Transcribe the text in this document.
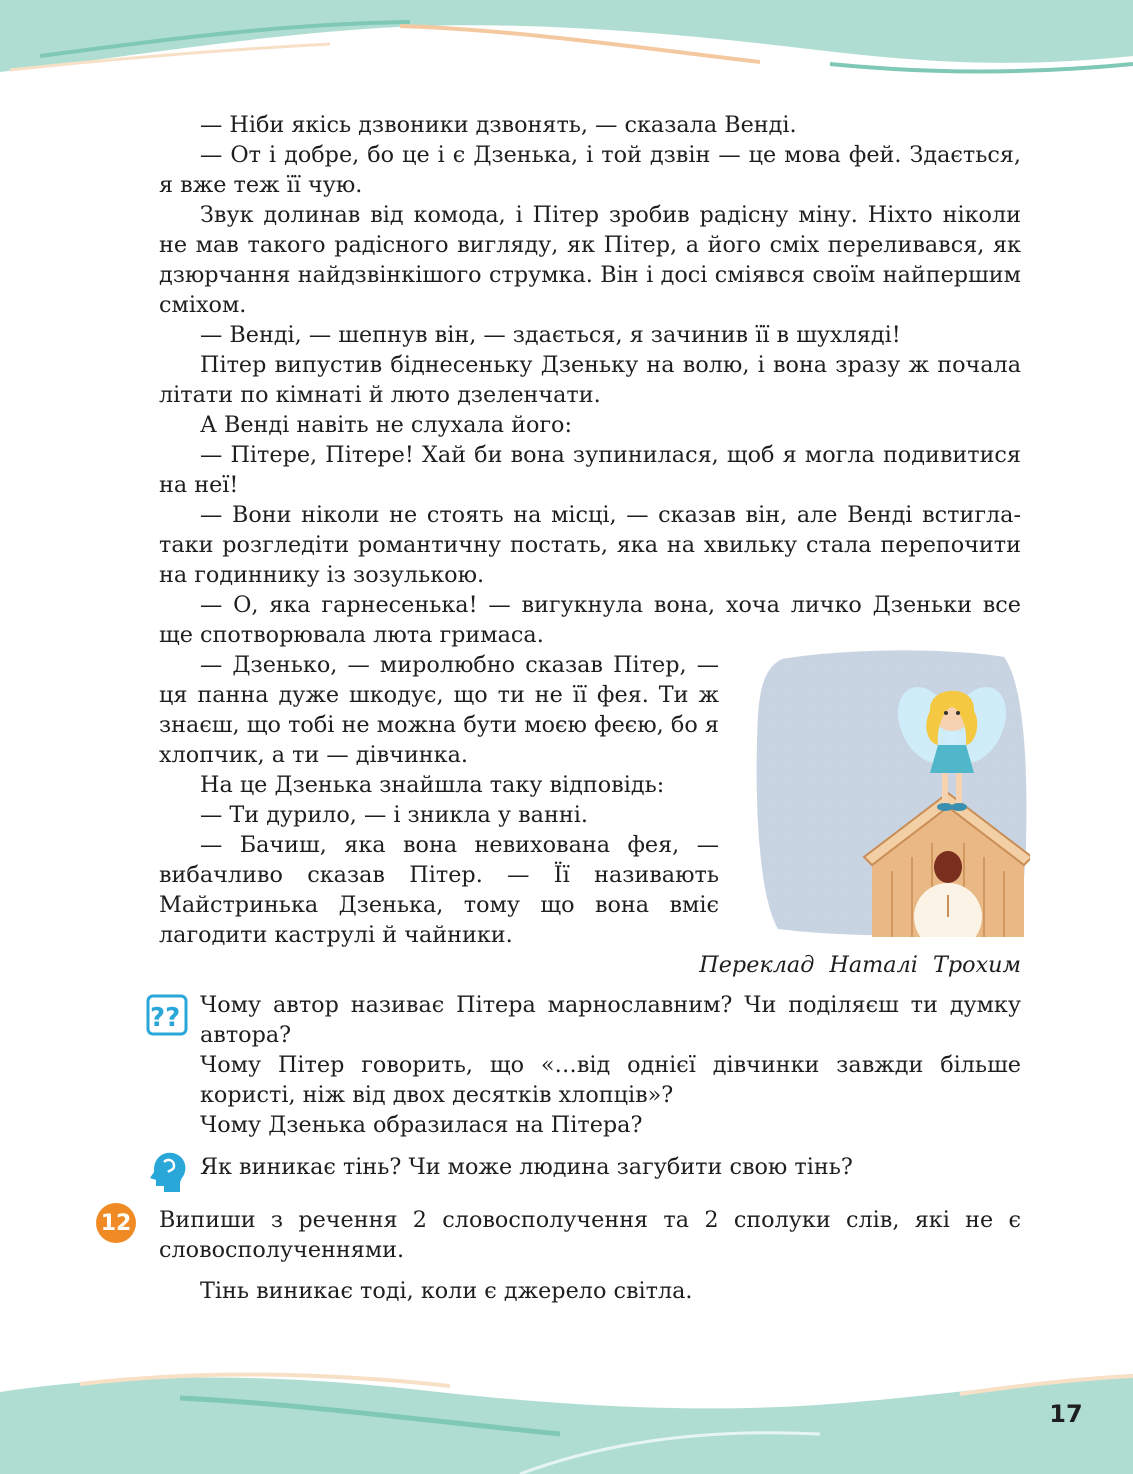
— Ніби якісь дзвоники дзвонять, — сказала Венді.

— От і добре, бо це і є Дзенька, і той дзвін — це мова фей. Здається, я вже теж її чую.

Звук долинав від комода, і Пітер зробив радісну міну. Ніхто ніколи не мав такого радісного вигляду, як Пітер, а його сміх переливався, як дзюрчання найдзвінкішого струмка. Він і досі сміявся своїм найпершим сміхом.

— Венді, — шепнув він, — здається, я зачинив її в шухляді!

Пітер випустив біднесеньку Дзеньку на волю, і вона зразу ж почала літати по кімнаті й люто дзеленчати.

А Венді навіть не слухала його:

— Пітере, Пітере! Хай би вона зупинилася, щоб я могла подивитися на неї!

— Вони ніколи не стоять на місці, — сказав він, але Венді встигла-таки розгледіти романтичну постать, яка на хвильку стала перепочити на годиннику із зозулькою.

— О, яка гарнесенька! — вигукнула вона, хоча личко Дзеньки все ще спотворювала люта гримаса.

— Дзенько, — миролюбно сказав Пітер, — ця панна дуже шкодує, що ти не її фея. Ти ж знаєш, що тобі не можна бути моєю феєю, бо я хлопчик, а ти — дівчинка.

На це Дзенька знайшла таку відповідь:

— Ти дурило, — і зникла у ванні.

— Бачиш, яка вона невихована фея, — вибачливо сказав Пітер. — Її називають Майстринька Дзенька, тому що вона вміє лагодити каструлі й чайники.

Переклад Наталі Трохим
?? Чому автор називає Пітера марнославним? Чи поділяєш ти думку автора?

Чому Пітер говорить, що «…від однієї дівчинки завжди більше користі, ніж від двох десятків хлопців»?

Чому Дзенька образилася на Пітера?

Як виникає тінь? Чи може людина загубити свою тінь?

12 Випиши з речення 2 словосполучення та 2 сполуки слів, які не є словосполученнями.

Тінь виникає тоді, коли є джерело світла.

17
